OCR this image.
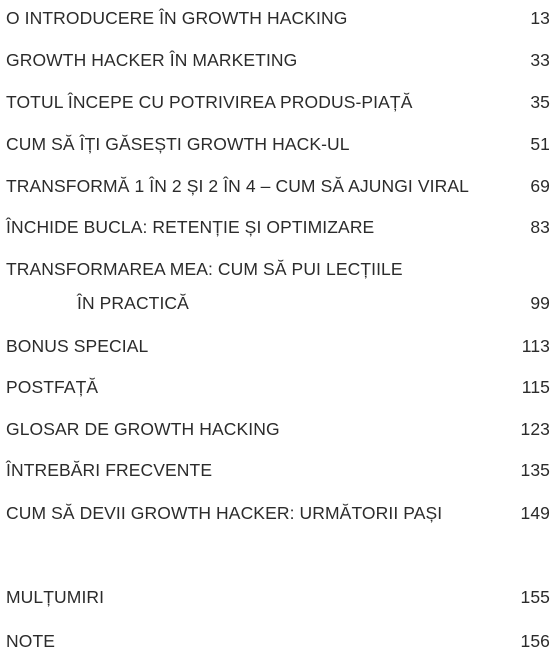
O INTRODUCERE ÎN GROWTH HACKING	13
GROWTH HACKER ÎN MARKETING	33
TOTUL ÎNCEPE CU POTRIVIREA PRODUS-PIAȚĂ	35
CUM SĂ ÎȚI GĂSEȘTI GROWTH HACK-UL	51
TRANSFORMĂ 1 ÎN 2 ȘI 2 ÎN 4 – CUM SĂ AJUNGI VIRAL	69
ÎNCHIDE BUCLA: RETENȚIE ȘI OPTIMIZARE	83
TRANSFORMAREA MEA: CUM SĂ PUI LECȚIILE
ÎN PRACTICĂ	99
BONUS SPECIAL	113
POSTFAȚĂ	115
GLOSAR DE GROWTH HACKING	123
ÎNTREBĂRI FRECVENTE	135
CUM SĂ DEVII GROWTH HACKER: URMĂTORII PAȘI	149
MULȚUMIRI	155
NOTE	156
